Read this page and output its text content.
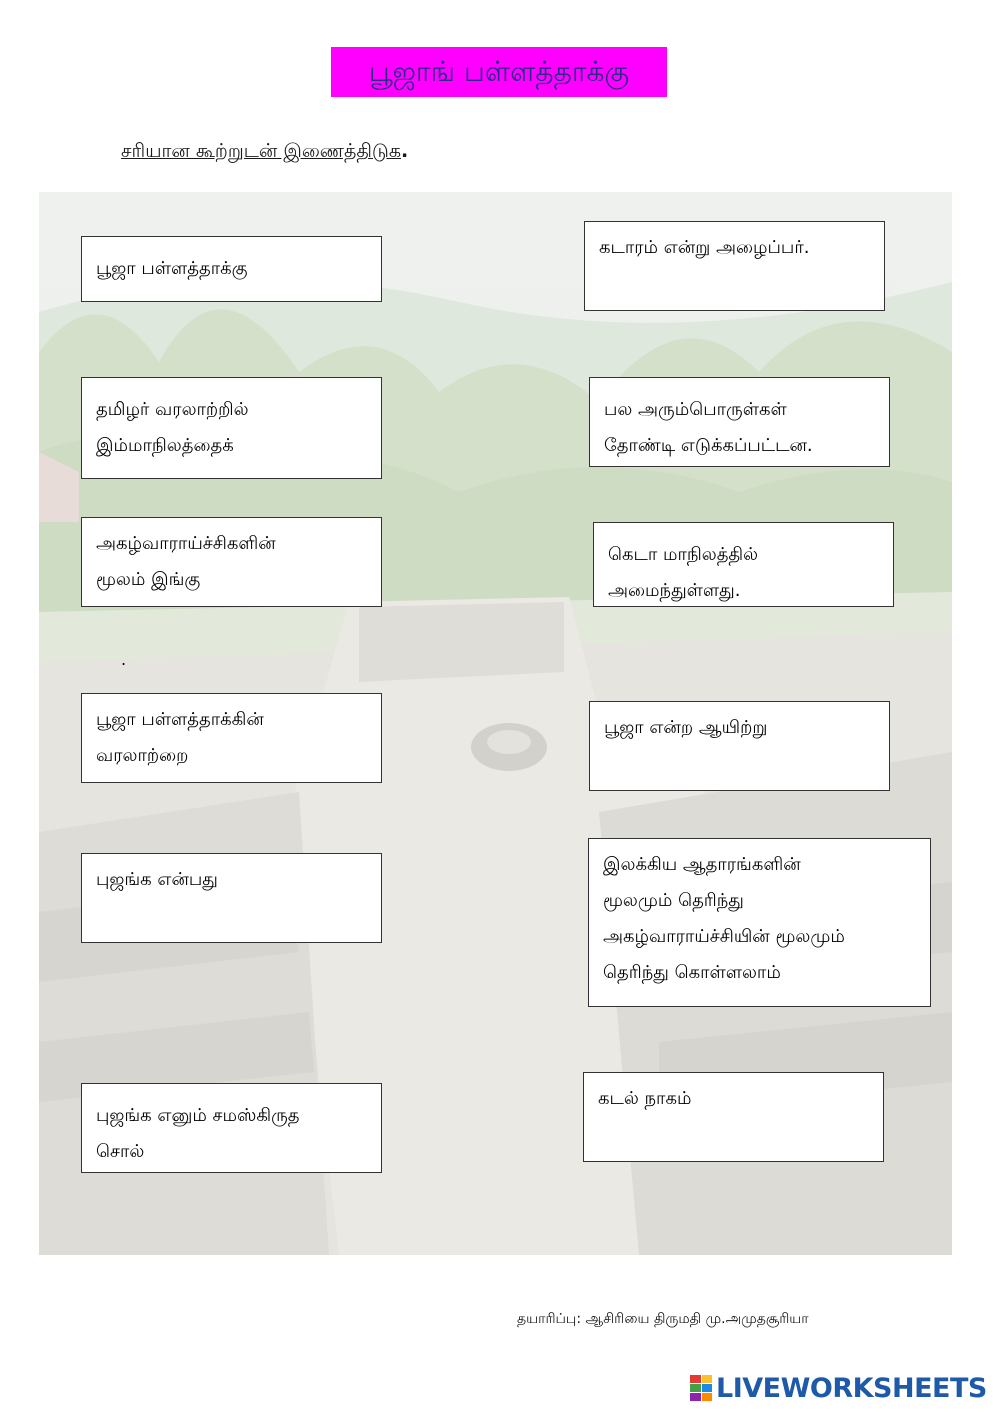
பூஜாங் பள்ளத்தாக்கு
சரியான கூற்றுடன் இணைத்திடுக.
பூஜா பள்ளத்தாக்கு
தமிழர் வரலாற்றில்
இம்மாநிலத்தைக்
அகழ்வாராய்ச்சிகளின்
மூலம் இங்கு
பூஜா பள்ளத்தாக்கின்
வரலாற்றை
புஜங்க என்பது
புஜங்க எனும் சமஸ்கிருத
சொல்
கடாரம் என்று அழைப்பர்.
பல அரும்பொருள்கள்
தோண்டி எடுக்கப்பட்டன.
கெடா மாநிலத்தில்
அமைந்துள்ளது.
பூஜா என்ற ஆயிற்று
இலக்கிய ஆதாரங்களின்
மூலமும் தெரிந்து
அகழ்வாராய்ச்சியின் மூலமும்
தெரிந்து கொள்ளலாம்
கடல் நாகம்
.
தயாரிப்பு: ஆசிரியை திருமதி மு.அமுதசூரியா
LIVEWORKSHEETS
